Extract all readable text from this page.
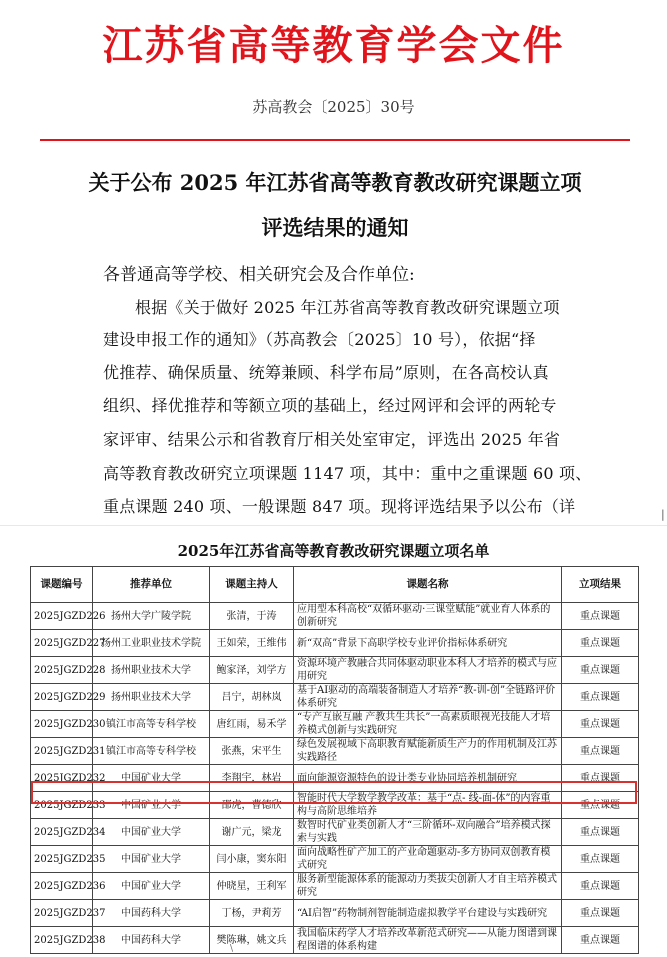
江苏省高等教育学会文件
苏高教会〔2025〕30号
关于公布 2025 年江苏省高等教育教改研究课题立项
评选结果的通知
各普通高等学校、相关研究会及合作单位:
根据《关于做好 2025 年江苏省高等教育教改研究课题立项
建设申报工作的通知》（苏高教会〔2025〕10 号），依据“择
优推荐、确保质量、统筹兼顾、科学布局”原则，在各高校认真
组织、择优推荐和等额立项的基础上，经过网评和会评的两轮专
家评审、结果公示和省教育厅相关处室审定，评选出 2025 年省
高等教育教改研究立项课题 1147 项，其中：重中之重课题 60 项、
重点课题 240 项、一般课题 847 项。现将评选结果予以公布（详	|
2025年江苏省高等教育教改研究课题立项名单
课题编号	推荐单位	课题主持人	课题名称	立项结果
2025JGZD226	扬州大学广陵学院	张清，于涛	应用型本科高校“双循环驱动·三课堂赋能”就业育人体系的创新研究	重点课题
2025JGZD227	扬州工业职业技术学院	王如荣，王维伟	新“双高”背景下高职学校专业评价指标体系研究	重点课题
2025JGZD228	扬州职业技术大学	鲍家泽，刘学方	资源环境产教融合共同体驱动职业本科人才培养的模式与应用研究	重点课题
2025JGZD229	扬州职业技术大学	吕宁，胡林岚	基于AI驱动的高端装备制造人才培养“教-训-创”全链路评价体系研究	重点课题
2025JGZD230	镇江市高等专科学校	唐红雨，易禾学	“专产互嵌互融 产教共生共长”一高素质眼视光技能人才培养模式创新与实践研究	重点课题
2025JGZD231	镇江市高等专科学校	张燕，宋平生	绿色发展视域下高职教育赋能新质生产力的作用机制及江苏实践路径	重点课题
2025JGZD232	中国矿业大学	李翔宇，林岩	面向能源资源特色的设计类专业协同培养机制研究	重点课题
2025JGZD233	中国矿业大学	邵虎，曹德欣	智能时代大学数学教学改革：基于“点- 线-面-体”的内容重构与高阶思维培养	重点课题
2025JGZD234	中国矿业大学	谢广元，梁龙	数智时代矿业类创新人才“三阶循环-双向融合”培养模式探索与实践	重点课题
2025JGZD235	中国矿业大学	闫小康，窦东阳	面向战略性矿产加工的产业命题驱动-多方协同双创教育模式研究	重点课题
2025JGZD236	中国矿业大学	仲晓星，王利军	服务新型能源体系的能源动力类拔尖创新人才自主培养模式研究	重点课题
2025JGZD237	中国药科大学	丁杨，尹莉芳	“AI启智”药物制剂智能制造虚拟教学平台建设与实践研究	重点课题
2025JGZD238	中国药科大学	樊陈琳，姚文兵	我国临床药学人才培养改革新范式研究——从能力图谱到课程图谱的体系构建	重点课题
\
